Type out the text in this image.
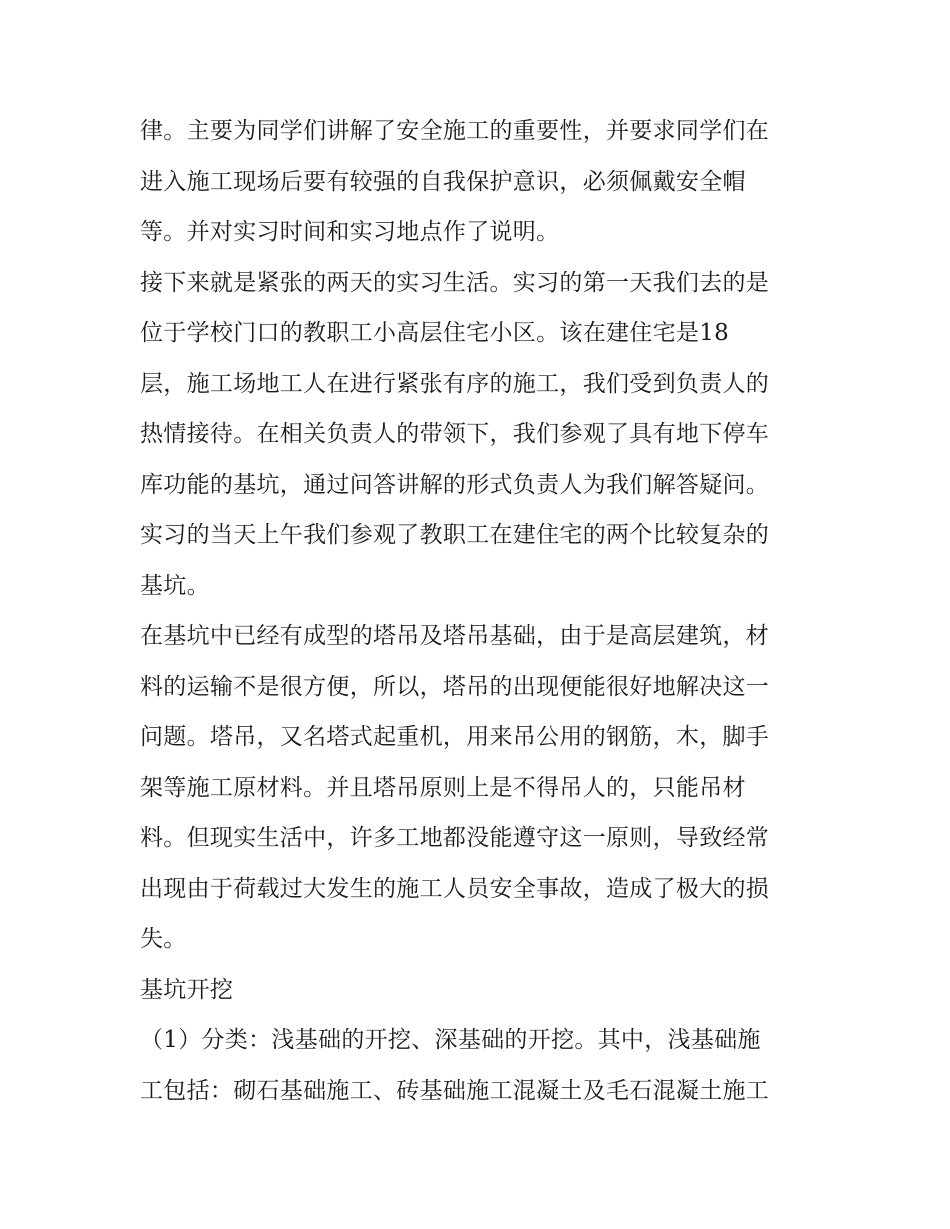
律。主要为同学们讲解了安全施工的重要性，并要求同学们在
进入施工现场后要有较强的自我保护意识，必须佩戴安全帽
等。并对实习时间和实习地点作了说明。
接下来就是紧张的两天的实习生活。实习的第一天我们去的是
位于学校门口的教职工小高层住宅小区。该在建住宅是18
层，施工场地工人在进行紧张有序的施工，我们受到负责人的
热情接待。在相关负责人的带领下，我们参观了具有地下停车
库功能的基坑，通过问答讲解的形式负责人为我们解答疑问。
实习的当天上午我们参观了教职工在建住宅的两个比较复杂的
基坑。
在基坑中已经有成型的塔吊及塔吊基础，由于是高层建筑，材
料的运输不是很方便，所以，塔吊的出现便能很好地解决这一
问题。塔吊，又名塔式起重机，用来吊公用的钢筋，木，脚手
架等施工原材料。并且塔吊原则上是不得吊人的，只能吊材
料。但现实生活中，许多工地都没能遵守这一原则，导致经常
出现由于荷载过大发生的施工人员安全事故，造成了极大的损
失。
基坑开挖
（1）分类：浅基础的开挖、深基础的开挖。其中，浅基础施
工包括：砌石基础施工、砖基础施工混凝土及毛石混凝土施工
